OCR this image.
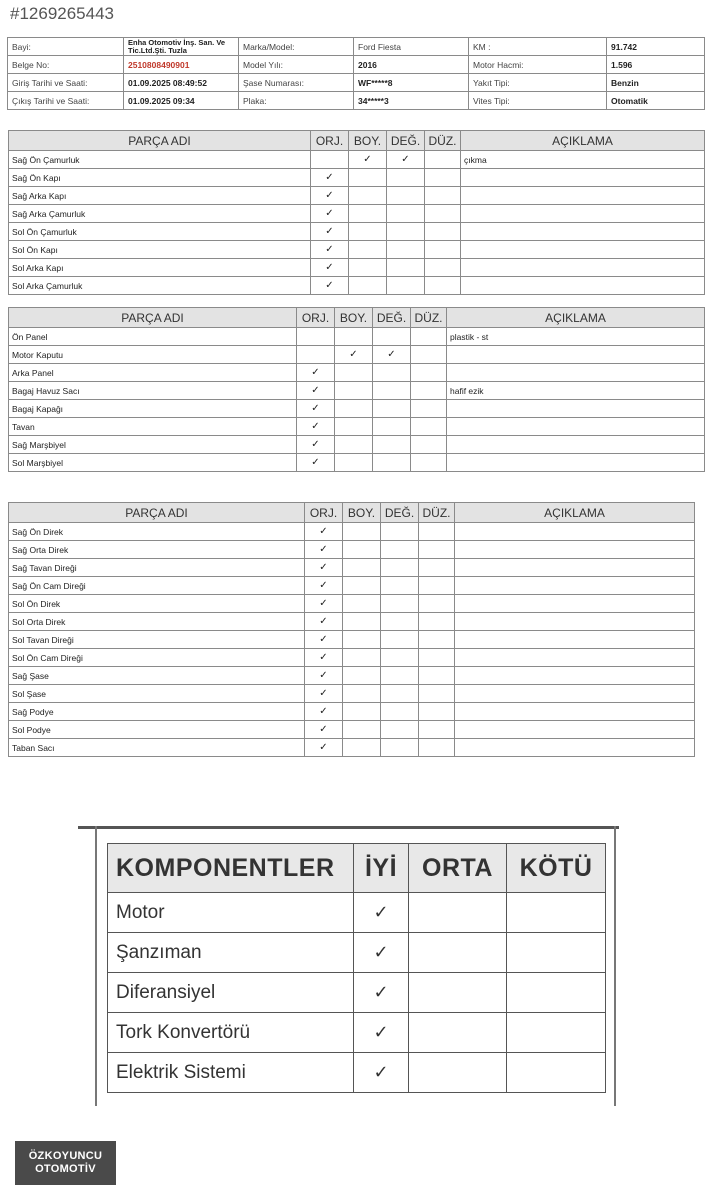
#1269265443
Bayi:	Enha Otomotiv İnş. San. Ve Tic.Ltd.Şti. Tuzla	Marka/Model:	Ford Fiesta	KM :	91.742
Belge No:	2510808490901	Model Yılı:	2016	Motor Hacmi:	1.596
Giriş Tarihi ve Saati:	01.09.2025 08:49:52	Şase Numarası:	WF*****8	Yakıt Tipi:	Benzin
Çıkış Tarihi ve Saati:	01.09.2025 09:34	Plaka:	34*****3	Vites Tipi:	Otomatik
PARÇA ADI	ORJ.	BOY.	DEĞ.	DÜZ.	AÇIKLAMA
Sağ Ön Çamurluk		✓	✓		çıkma
Sağ Ön Kapı	✓				
Sağ Arka Kapı	✓				
Sağ Arka Çamurluk	✓				
Sol Ön Çamurluk	✓				
Sol Ön Kapı	✓				
Sol Arka Kapı	✓				
Sol Arka Çamurluk	✓				
PARÇA ADI	ORJ.	BOY.	DEĞ.	DÜZ.	AÇIKLAMA
Ön Panel					plastik - st
Motor Kaputu		✓	✓		
Arka Panel	✓				
Bagaj Havuz Sacı	✓				hafif ezik
Bagaj Kapağı	✓				
Tavan	✓				
Sağ Marşbiyel	✓				
Sol Marşbiyel	✓				
PARÇA ADI	ORJ.	BOY.	DEĞ.	DÜZ.	AÇIKLAMA
Sağ Ön Direk	✓				
Sağ Orta Direk	✓				
Sağ Tavan Direği	✓				
Sağ Ön Cam Direği	✓				
Sol Ön Direk	✓				
Sol Orta Direk	✓				
Sol Tavan Direği	✓				
Sol Ön Cam Direği	✓				
Sağ Şase	✓				
Sol Şase	✓				
Sağ Podye	✓				
Sol Podye	✓				
Taban Sacı	✓				
KOMPONENTLER	İYİ	ORTA	KÖTÜ
Motor	✓		
Şanzıman	✓		
Diferansiyel	✓		
Tork Konvertörü	✓		
Elektrik Sistemi	✓		
ÖZKOYUNCU
OTOMOTİV
